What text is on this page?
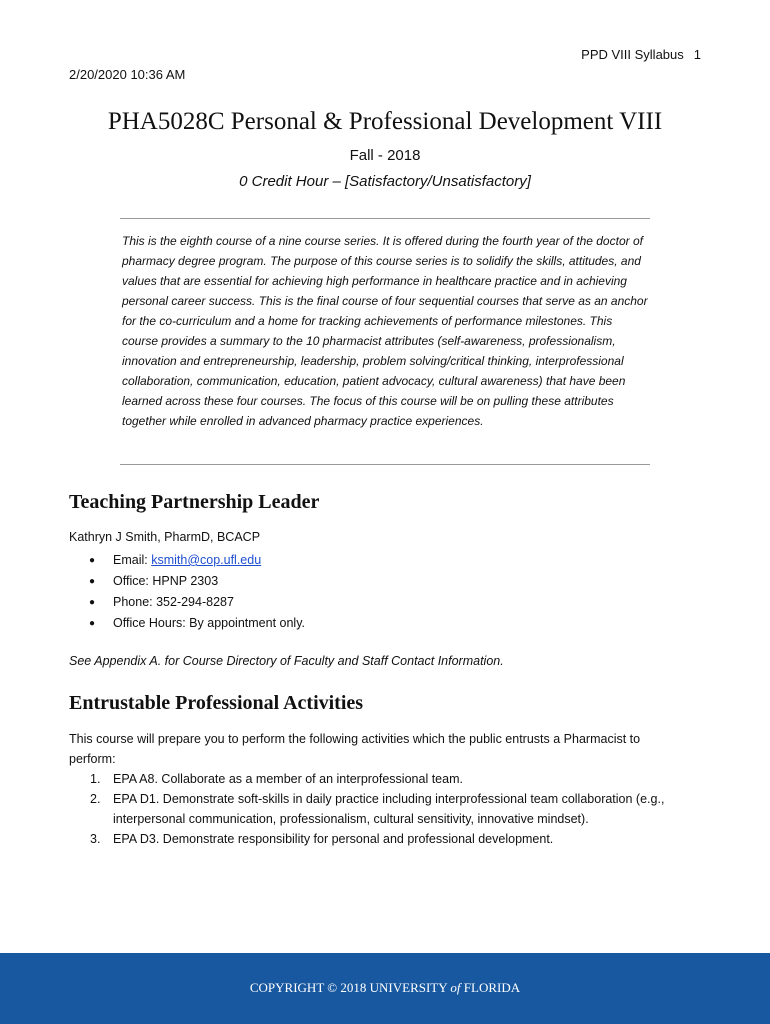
PPD VIII Syllabus 1
2/20/2020 10:36 AM
PHA5028C Personal & Professional Development VIII
Fall - 2018
0 Credit Hour – [Satisfactory/Unsatisfactory]
This is the eighth course of a nine course series. It is offered during the fourth year of the doctor of pharmacy degree program. The purpose of this course series is to solidify the skills, attitudes, and values that are essential for achieving high performance in healthcare practice and in achieving personal career success. This is the final course of four sequential courses that serve as an anchor for the co-curriculum and a home for tracking achievements of performance milestones. This course provides a summary to the 10 pharmacist attributes (self-awareness, professionalism, innovation and entrepreneurship, leadership, problem solving/critical thinking, interprofessional collaboration, communication, education, patient advocacy, cultural awareness) that have been learned across these four courses. The focus of this course will be on pulling these attributes together while enrolled in advanced pharmacy practice experiences.
Teaching Partnership Leader
Kathryn J Smith, PharmD, BCACP
● Email: ksmith@cop.ufl.edu
● Office: HPNP 2303
● Phone: 352-294-8287
● Office Hours: By appointment only.
See Appendix A. for Course Directory of Faculty and Staff Contact Information.
Entrustable Professional Activities
This course will prepare you to perform the following activities which the public entrusts a Pharmacist to perform:
1. EPA A8. Collaborate as a member of an interprofessional team.
2. EPA D1. Demonstrate soft-skills in daily practice including interprofessional team collaboration (e.g., interpersonal communication, professionalism, cultural sensitivity, innovative mindset).
3. EPA D3. Demonstrate responsibility for personal and professional development.
COPYRIGHT © 2018 UNIVERSITY of FLORIDA
